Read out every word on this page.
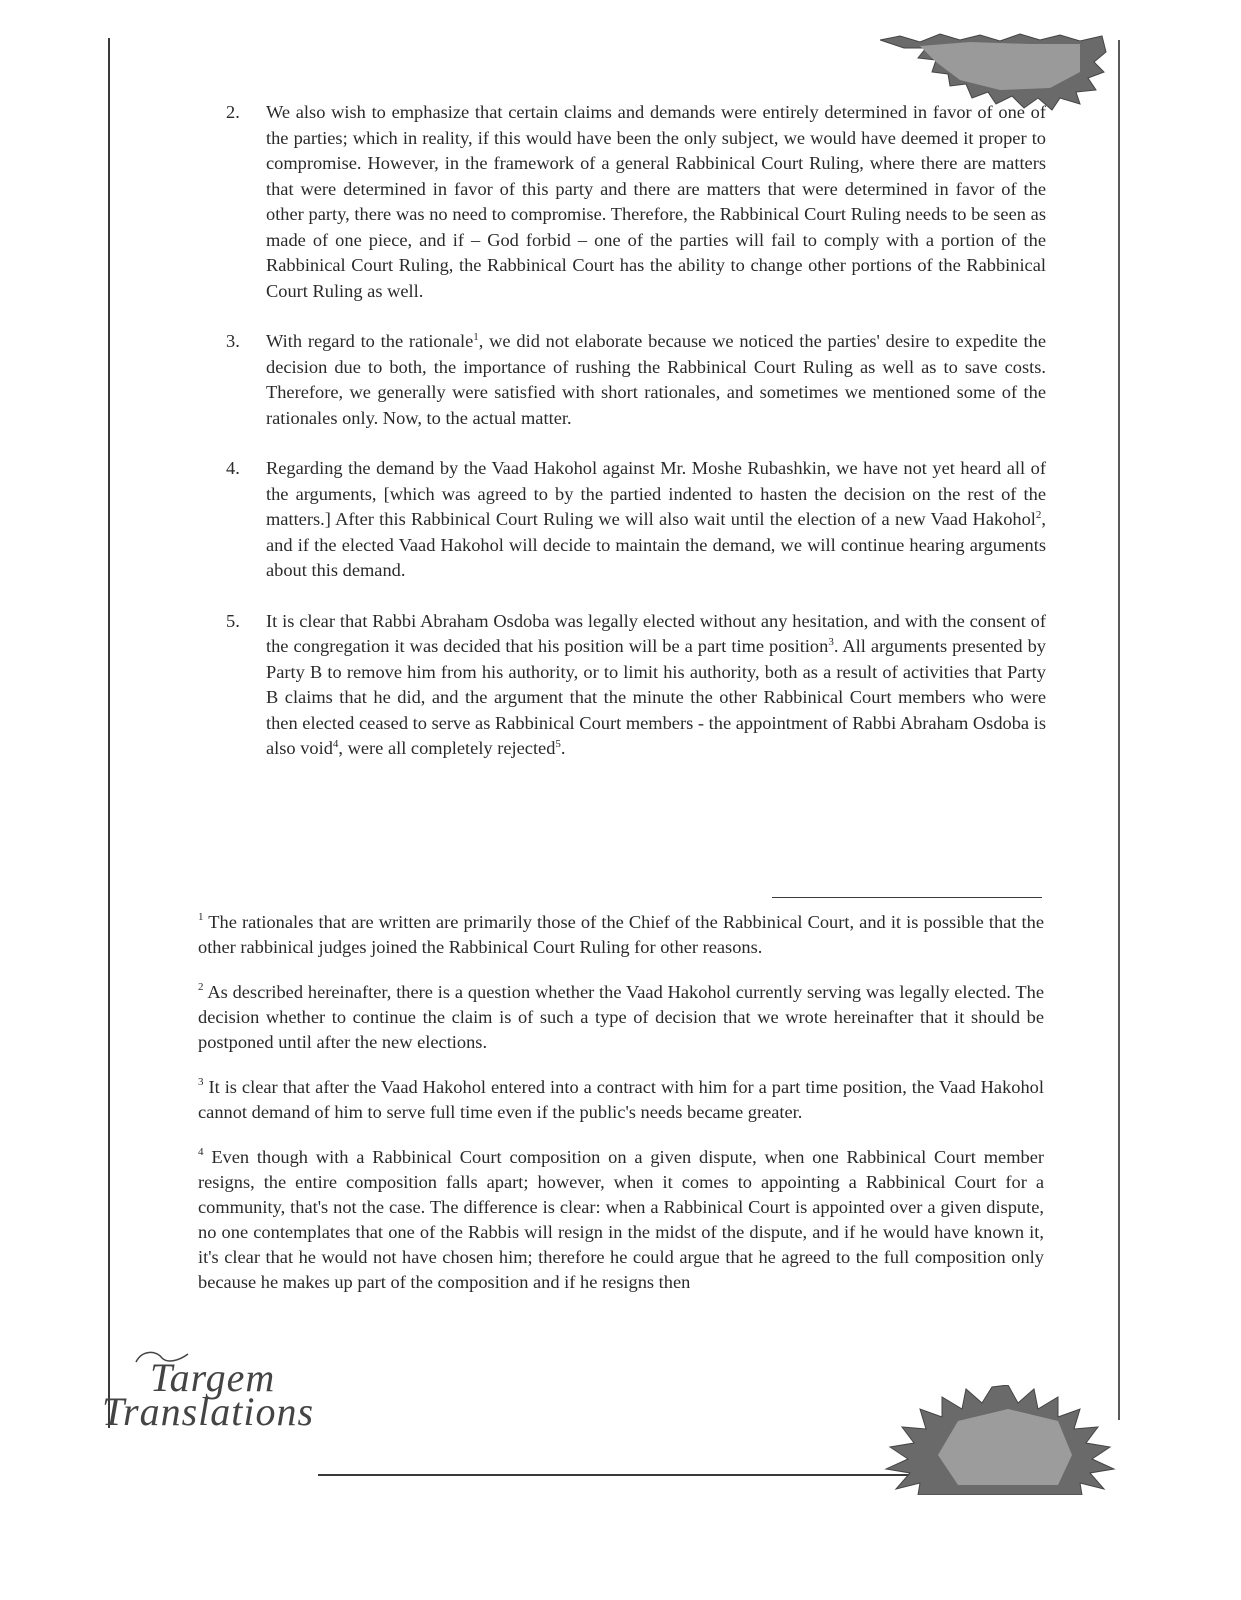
2. We also wish to emphasize that certain claims and demands were entirely determined in favor of one of the parties; which in reality, if this would have been the only subject, we would have deemed it proper to compromise. However, in the framework of a general Rabbinical Court Ruling, where there are matters that were determined in favor of this party and there are matters that were determined in favor of the other party, there was no need to compromise. Therefore, the Rabbinical Court Ruling needs to be seen as made of one piece, and if – God forbid – one of the parties will fail to comply with a portion of the Rabbinical Court Ruling, the Rabbinical Court has the ability to change other portions of the Rabbinical Court Ruling as well.
3. With regard to the rationale$^1$, we did not elaborate because we noticed the parties' desire to expedite the decision due to both, the importance of rushing the Rabbinical Court Ruling as well as to save costs. Therefore, we generally were satisfied with short rationales, and sometimes we mentioned some of the rationales only. Now, to the actual matter.
4. Regarding the demand by the Vaad Hakohol against Mr. Moshe Rubashkin, we have not yet heard all of the arguments, [which was agreed to by the partied indented to hasten the decision on the rest of the matters.] After this Rabbinical Court Ruling we will also wait until the election of a new Vaad Hakohol$^2$, and if the elected Vaad Hakohol will decide to maintain the demand, we will continue hearing arguments about this demand.
5. It is clear that Rabbi Abraham Osdoba was legally elected without any hesitation, and with the consent of the congregation it was decided that his position will be a part time position$^3$. All arguments presented by Party B to remove him from his authority, or to limit his authority, both as a result of activities that Party B claims that he did, and the argument that the minute the other Rabbinical Court members who were then elected ceased to serve as Rabbinical Court members - the appointment of Rabbi Abraham Osdoba is also void$^4$, were all completely rejected$^5$.
$^1$ The rationales that are written are primarily those of the Chief of the Rabbinical Court, and it is possible that the other rabbinical judges joined the Rabbinical Court Ruling for other reasons.
$^2$ As described hereinafter, there is a question whether the Vaad Hakohol currently serving was legally elected. The decision whether to continue the claim is of such a type of decision that we wrote hereinafter that it should be postponed until after the new elections.
$^3$ It is clear that after the Vaad Hakohol entered into a contract with him for a part time position, the Vaad Hakohol cannot demand of him to serve full time even if the public's needs became greater.
$^4$ Even though with a Rabbinical Court composition on a given dispute, when one Rabbinical Court member resigns, the entire composition falls apart; however, when it comes to appointing a Rabbinical Court for a community, that's not the case. The difference is clear: when a Rabbinical Court is appointed over a given dispute, no one contemplates that one of the Rabbis will resign in the midst of the dispute, and if he would have known it, it's clear that he would not have chosen him; therefore he could argue that he agreed to the full composition only because he makes up part of the composition and if he resigns then
Targem
Translations
